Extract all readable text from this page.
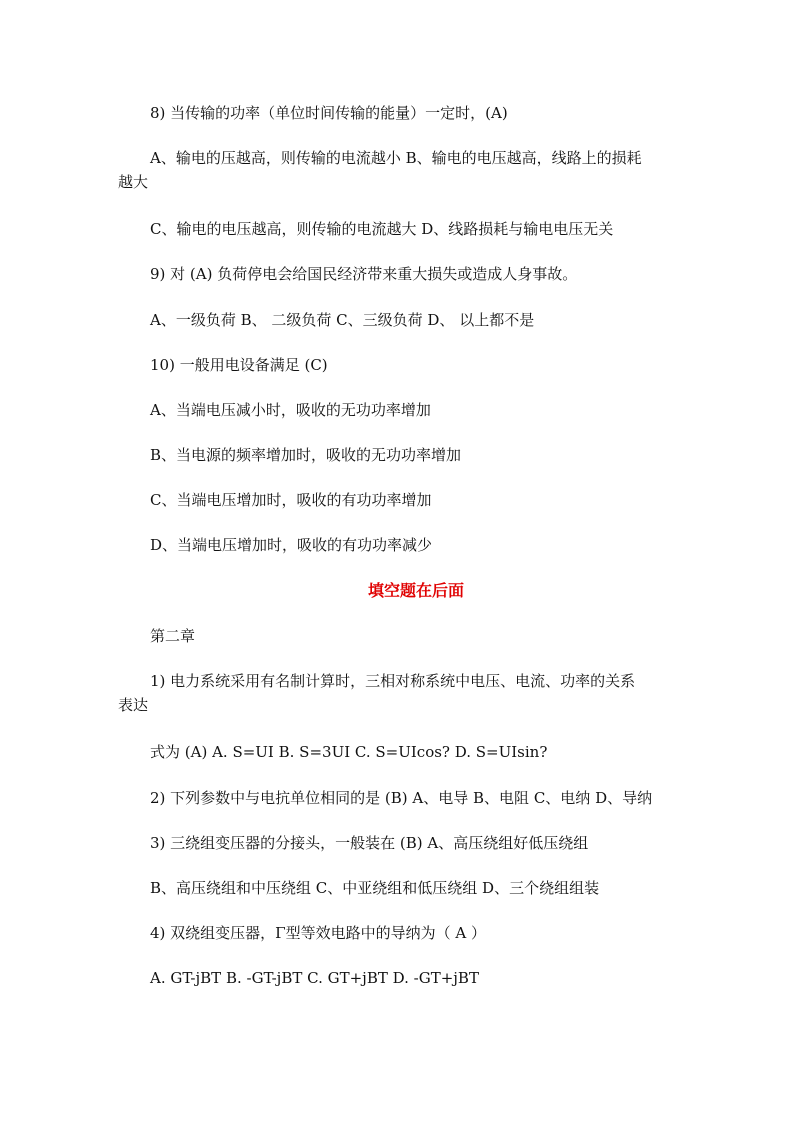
8) 当传输的功率（单位时间传输的能量）一定时，(A)
A、输电的压越高，则传输的电流越小 B、输电的电压越高，线路上的损耗
越大
C、输电的电压越高，则传输的电流越大 D、线路损耗与输电电压无关
9) 对 (A) 负荷停电会给国民经济带来重大损失或造成人身事故。
A、一级负荷 B、 二级负荷 C、三级负荷 D、 以上都不是
10) 一般用电设备满足 (C)
A、当端电压减小时，吸收的无功功率增加
B、当电源的频率增加时，吸收的无功功率增加
C、当端电压增加时，吸收的有功功率增加
D、当端电压增加时，吸收的有功功率减少
填空题在后面
第二章
1) 电力系统采用有名制计算时，三相对称系统中电压、电流、功率的关系
表达
式为 (A) A. S=UI B. S=3UI C. S=UIcos? D. S=UIsin?
2) 下列参数中与电抗单位相同的是 (B) A、电导 B、电阻 C、电纳 D、导纳
3) 三绕组变压器的分接头，一般装在 (B) A、高压绕组好低压绕组
B、高压绕组和中压绕组 C、中亚绕组和低压绕组 D、三个绕组组装
4) 双绕组变压器，Γ型等效电路中的导纳为（ A ）
A. GT-jBT B. -GT-jBT C. GT+jBT D. -GT+jBT
